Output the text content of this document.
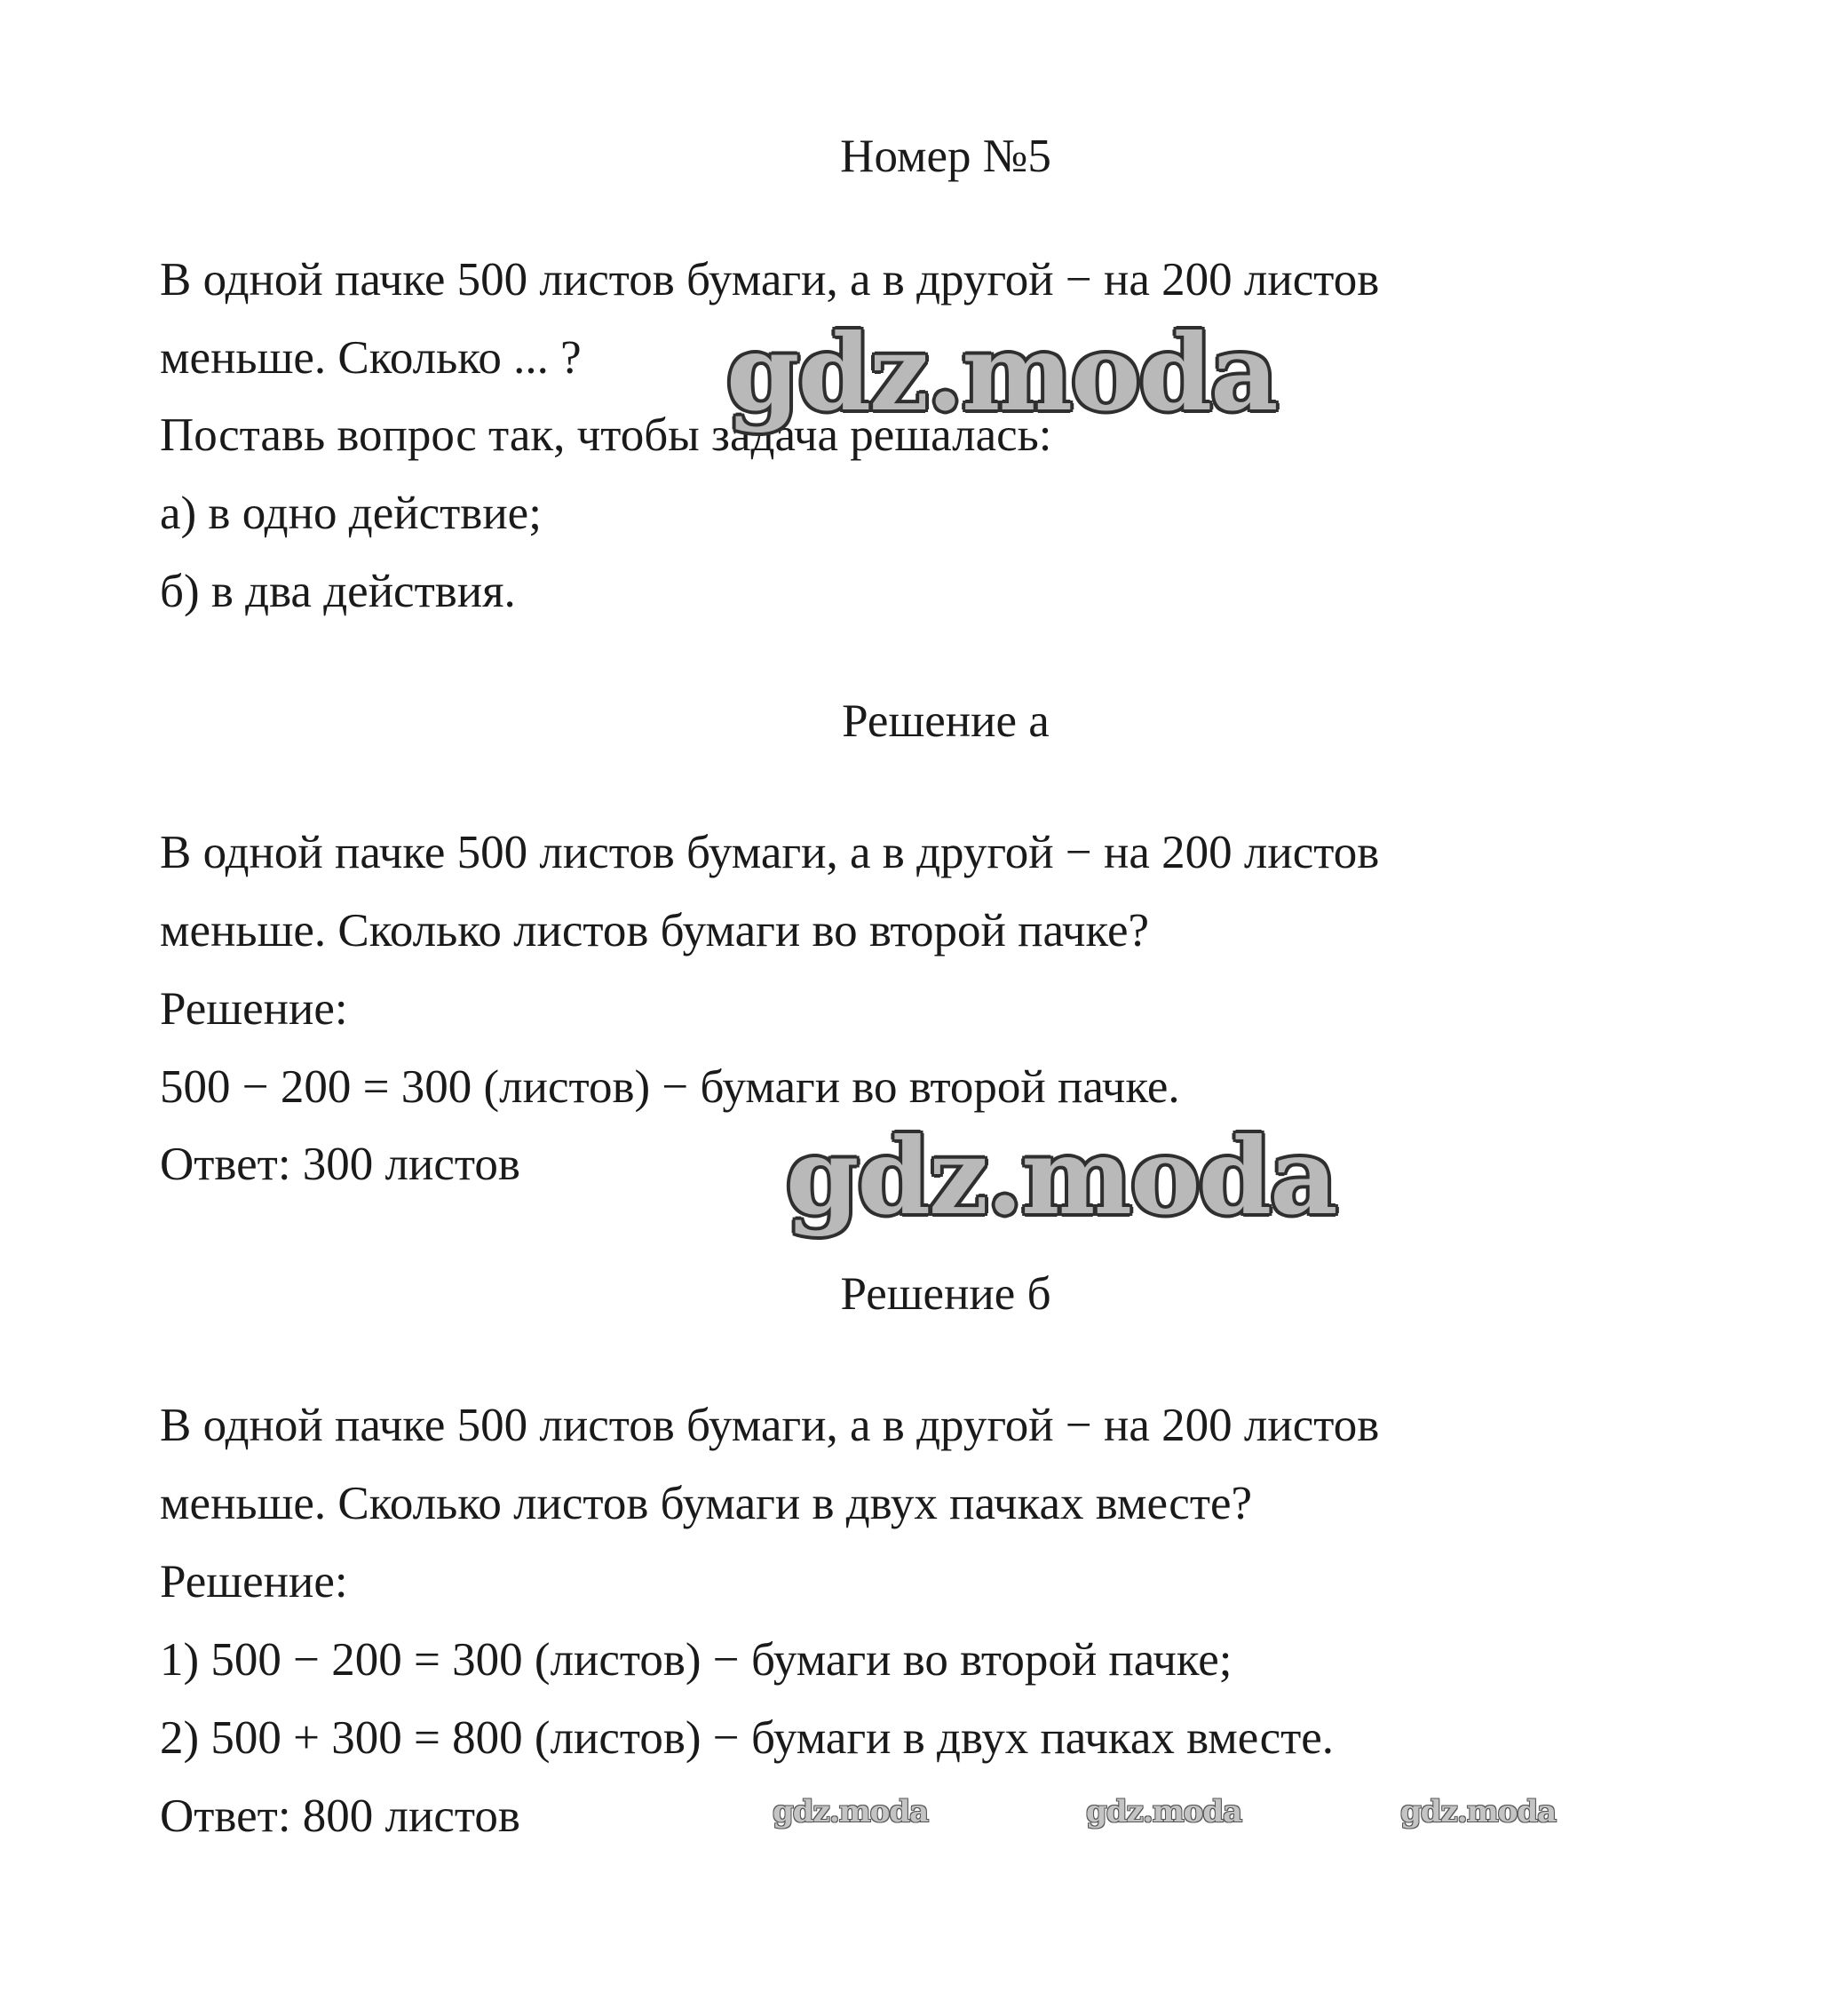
Номер №5
В одной пачке 500 листов бумаги, а в другой − на 200 листов
меньше. Сколько ... ?
Поставь вопрос так, чтобы задача решалась:
а) в одно действие;
б) в два действия.
Решение а
В одной пачке 500 листов бумаги, а в другой − на 200 листов
меньше. Сколько листов бумаги во второй пачке?
Решение:
500 − 200 = 300 (листов) − бумаги во второй пачке.
Ответ: 300 листов
Решение б
В одной пачке 500 листов бумаги, а в другой − на 200 листов
меньше. Сколько листов бумаги в двух пачках вместе?
Решение:
1) 500 − 200 = 300 (листов) − бумаги во второй пачке;
2) 500 + 300 = 800 (листов) − бумаги в двух пачках вместе.
Ответ: 800 листов
gdz.moda
gdz.moda
gdz.moda	gdz.moda	gdz.moda
